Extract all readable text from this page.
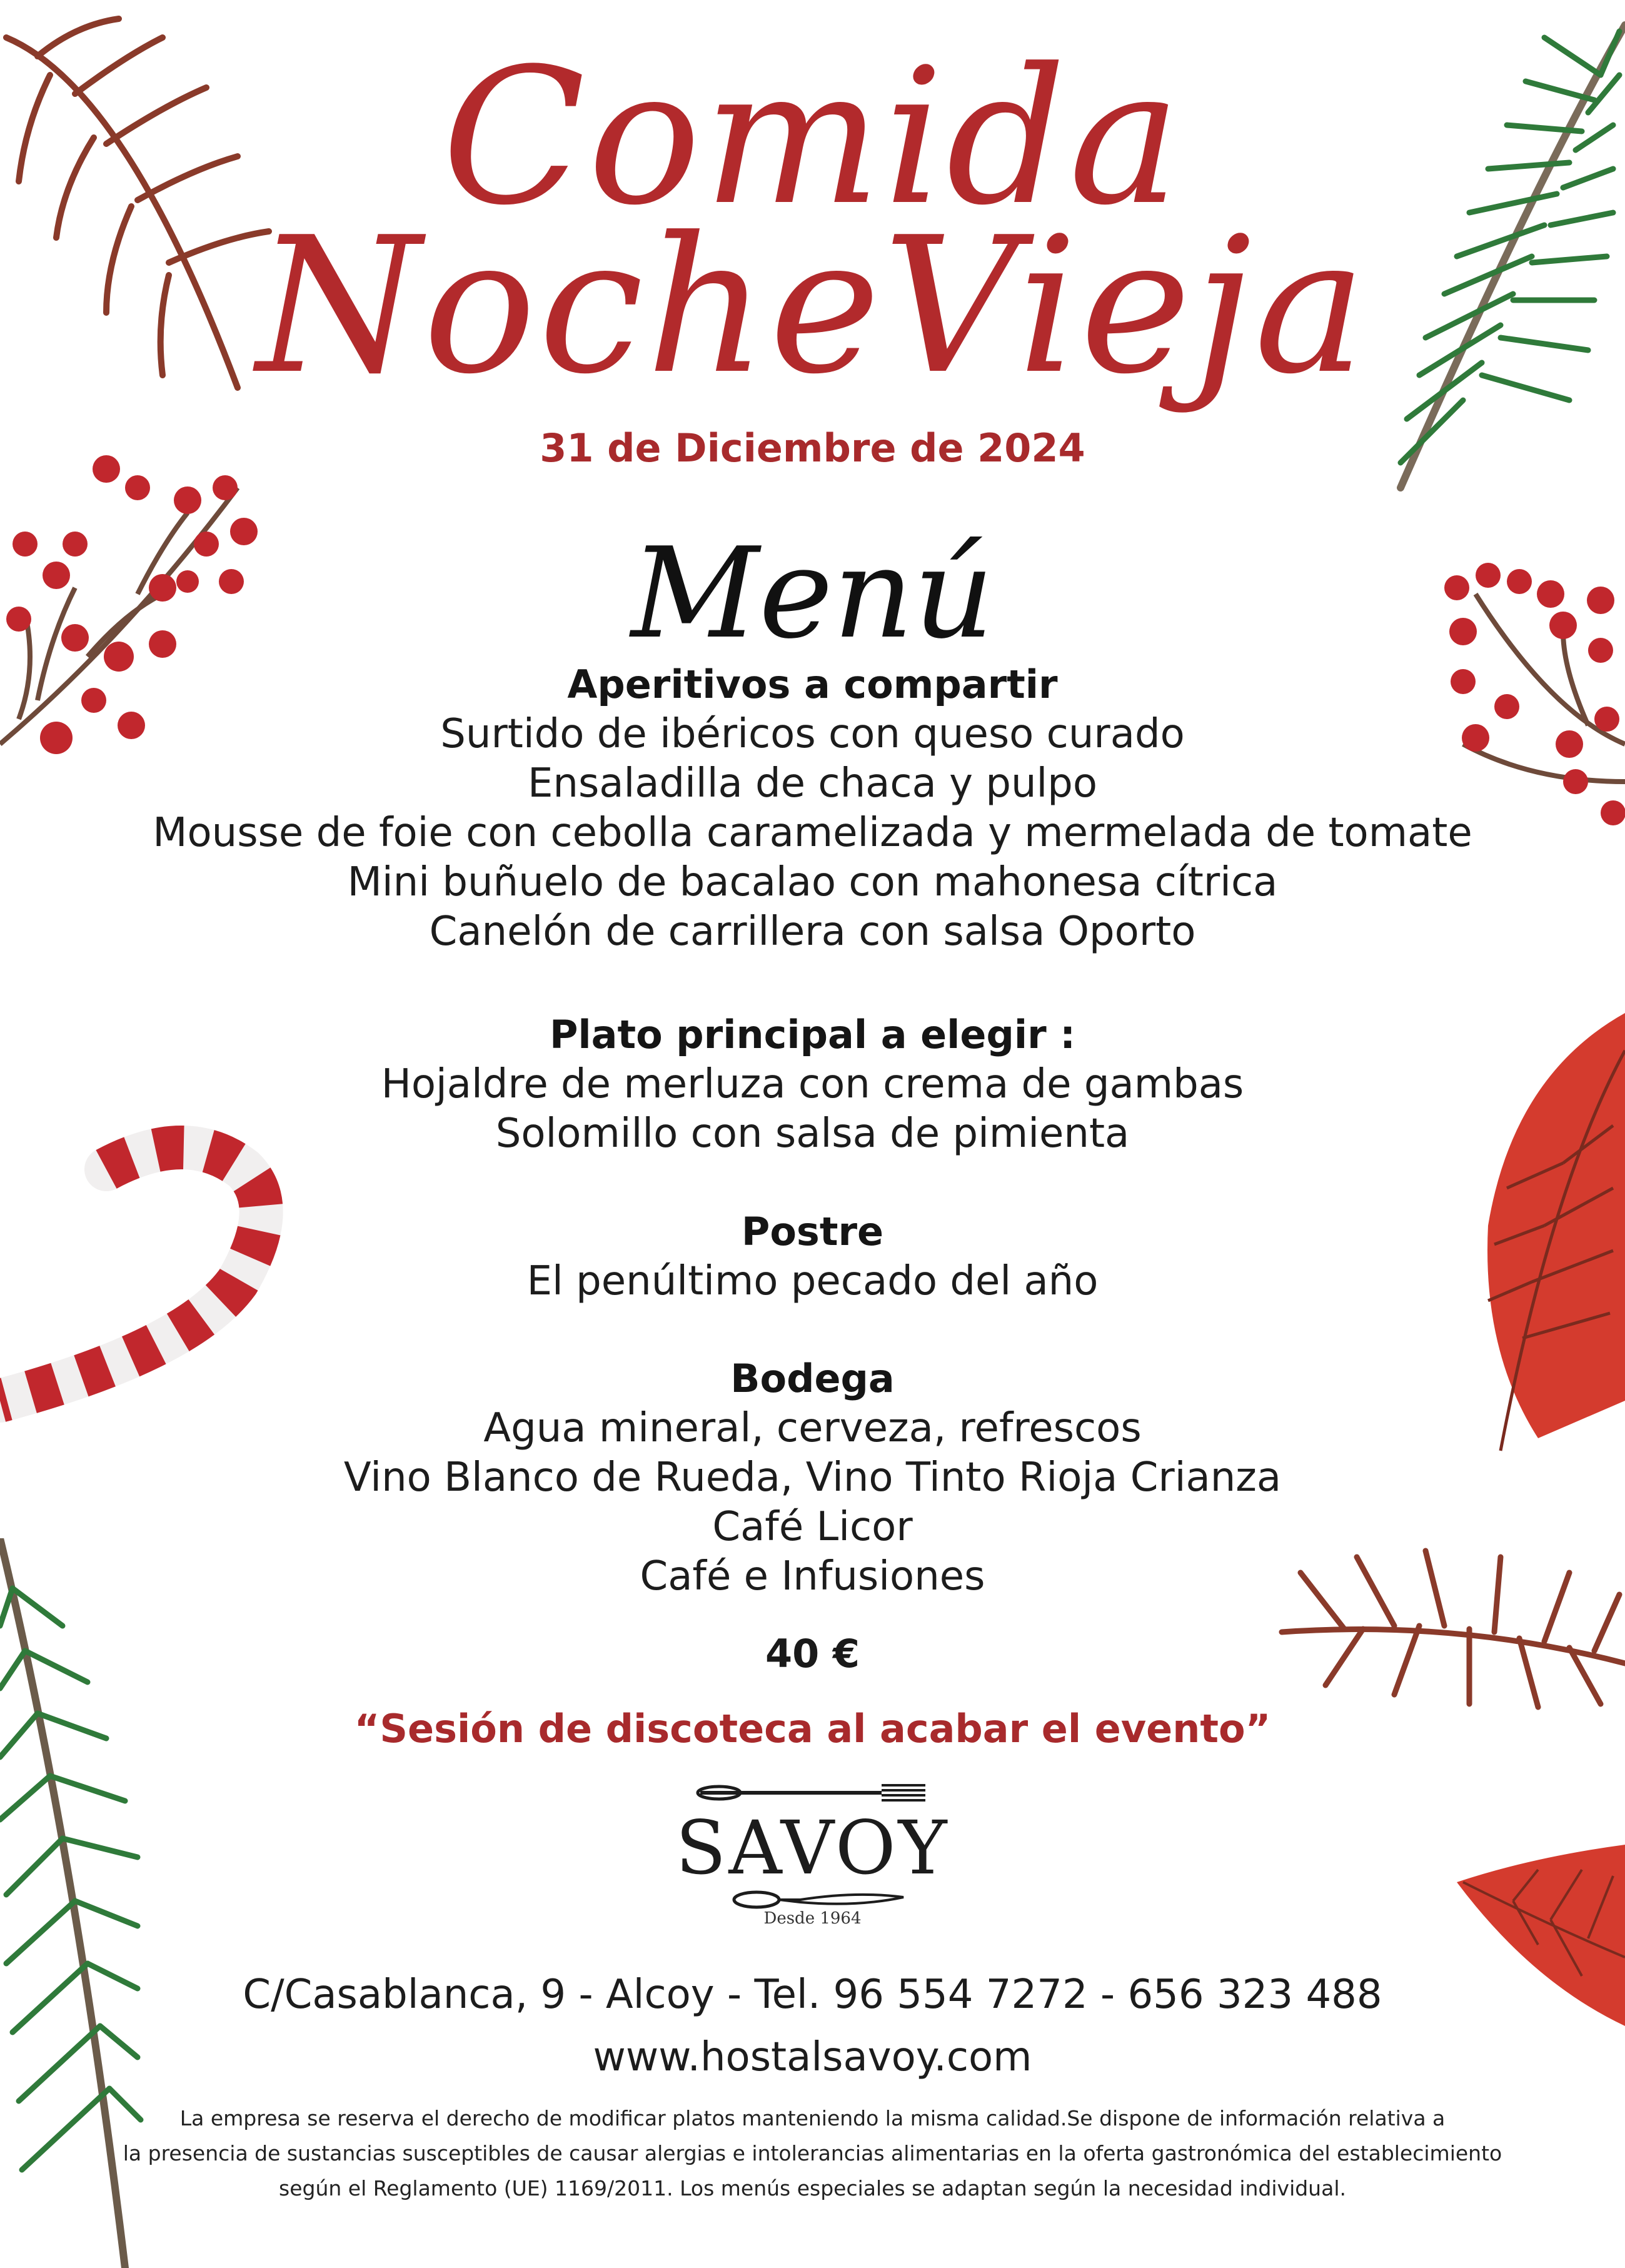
Comida
NocheVieja
31 de Diciembre de 2024
Menú
Aperitivos a compartir
Surtido de ibéricos con queso curado
Ensaladilla de chaca y pulpo
Mousse de foie con cebolla caramelizada y mermelada de tomate
Mini buñuelo de bacalao con mahonesa cítrica
Canelón de carrillera con salsa Oporto
Plato principal a elegir :
Hojaldre de merluza con crema de gambas
Solomillo con salsa de pimienta
Postre
El penúltimo pecado del año
Bodega
Agua mineral, cerveza, refrescos
Vino Blanco de Rueda, Vino Tinto Rioja Crianza
Café Licor
Café e Infusiones
40 €
“Sesión de discoteca al acabar el evento”
SAVOY
Desde 1964
C/Casablanca, 9 - Alcoy - Tel. 96 554 7272 - 656 323 488
www.hostalsavoy.com
La empresa se reserva el derecho de modificar platos manteniendo la misma calidad.Se dispone de información relativa a
la presencia de sustancias susceptibles de causar alergias e intolerancias alimentarias en la oferta gastronómica del establecimiento
según el Reglamento (UE) 1169/2011. Los menús especiales se adaptan según la necesidad individual.
